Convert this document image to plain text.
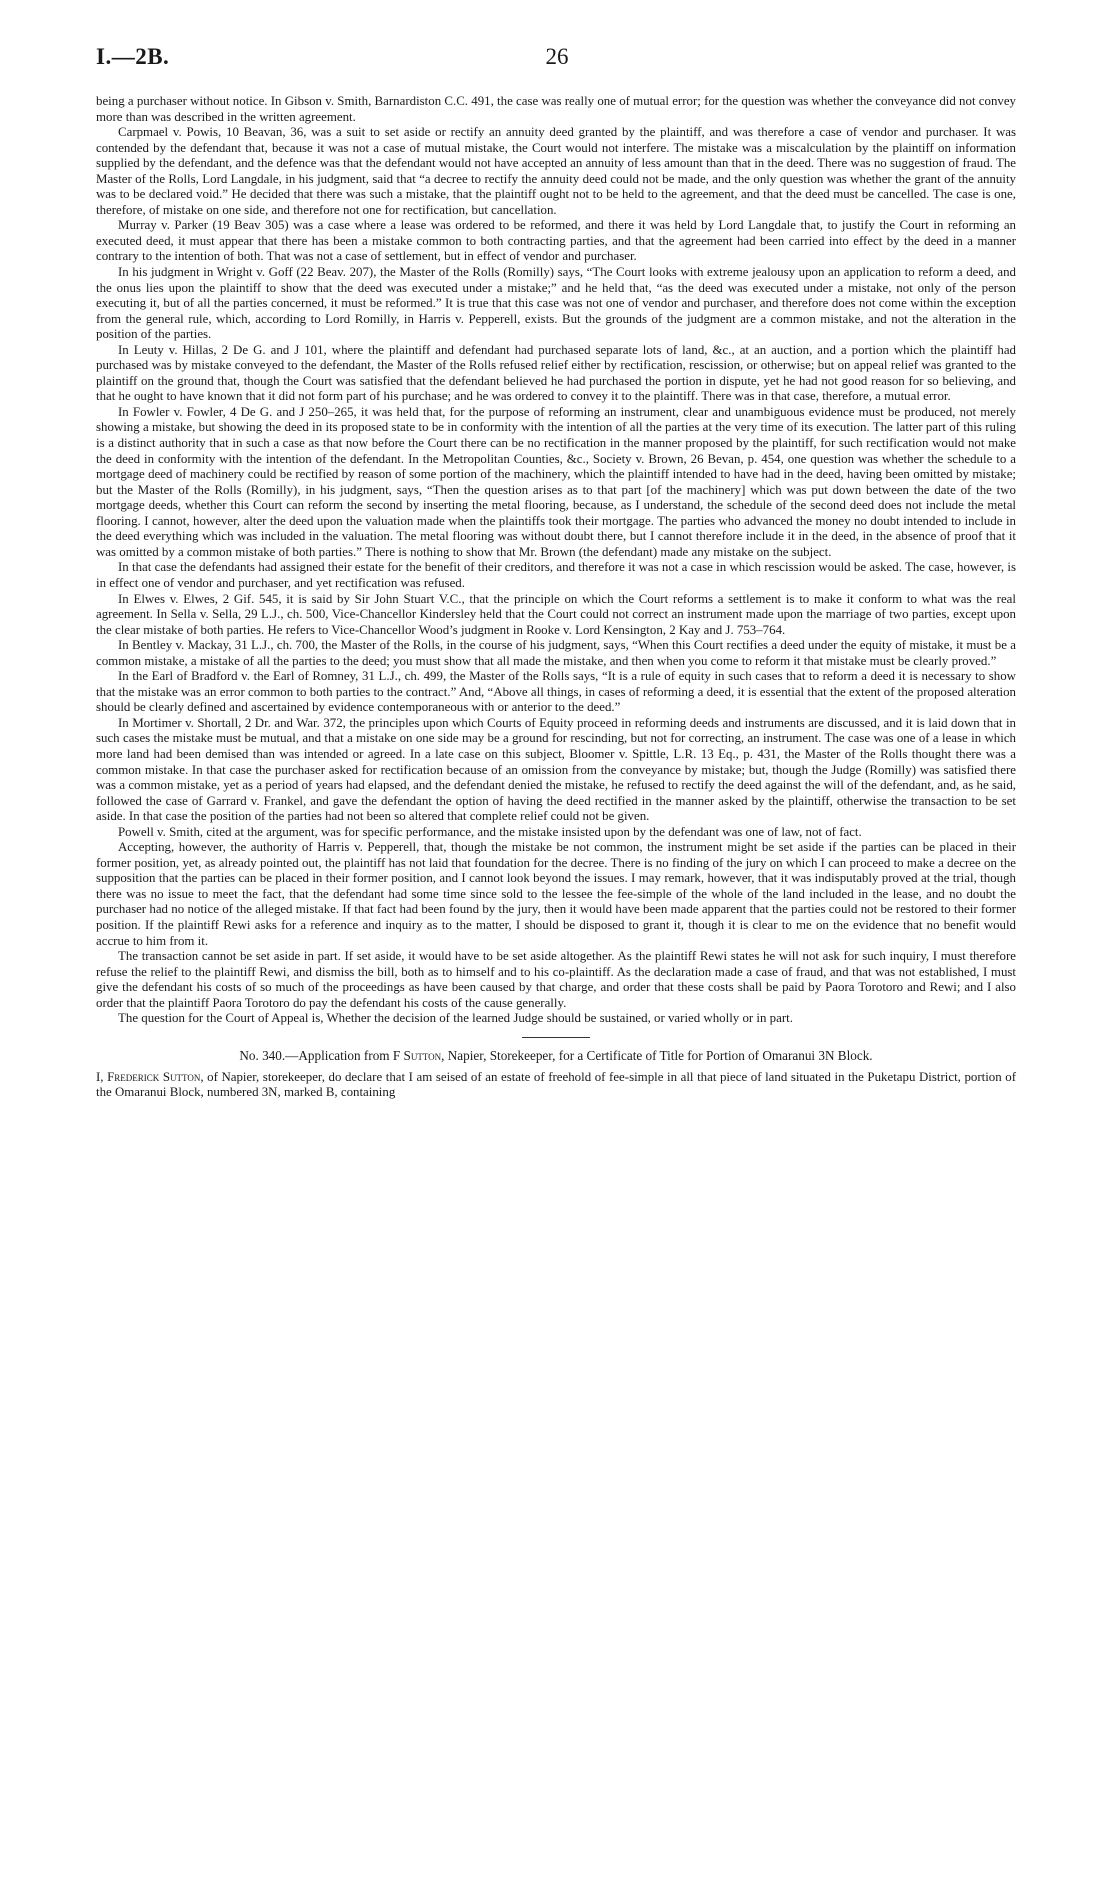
I.—2B.	26

being a purchaser without notice. In Gibson v. Smith, Barnardiston C.C. 491, the case was really one of mutual error; for the question was whether the conveyance did not convey more than was described in the written agreement.

Carpmael v. Powis, 10 Beavan, 36, was a suit to set aside or rectify an annuity deed granted by the plaintiff, and was therefore a case of vendor and purchaser. It was contended by the defendant that, because it was not a case of mutual mistake, the Court would not interfere. The mistake was a miscalculation by the plaintiff on information supplied by the defendant, and the defence was that the defendant would not have accepted an annuity of less amount than that in the deed. There was no suggestion of fraud. The Master of the Rolls, Lord Langdale, in his judgment, said that “a decree to rectify the annuity deed could not be made, and the only question was whether the grant of the annuity was to be declared void.” He decided that there was such a mistake, that the plaintiff ought not to be held to the agreement, and that the deed must be cancelled. The case is one, therefore, of mistake on one side, and therefore not one for rectification, but cancellation.

Murray v. Parker (19 Beav 305) was a case where a lease was ordered to be reformed, and there it was held by Lord Langdale that, to justify the Court in reforming an executed deed, it must appear that there has been a mistake common to both contracting parties, and that the agreement had been carried into effect by the deed in a manner contrary to the intention of both. That was not a case of settlement, but in effect of vendor and purchaser.

In his judgment in Wright v. Goff (22 Beav. 207), the Master of the Rolls (Romilly) says, “The Court looks with extreme jealousy upon an application to reform a deed, and the onus lies upon the plaintiff to show that the deed was executed under a mistake;” and he held that, “as the deed was executed under a mistake, not only of the person executing it, but of all the parties concerned, it must be reformed.” It is true that this case was not one of vendor and purchaser, and therefore does not come within the exception from the general rule, which, according to Lord Romilly, in Harris v. Pepperell, exists. But the grounds of the judgment are a common mistake, and not the alteration in the position of the parties.

In Leuty v. Hillas, 2 De G. and J 101, where the plaintiff and defendant had purchased separate lots of land, &c., at an auction, and a portion which the plaintiff had purchased was by mistake conveyed to the defendant, the Master of the Rolls refused relief either by rectification, rescission, or otherwise; but on appeal relief was granted to the plaintiff on the ground that, though the Court was satisfied that the defendant believed he had purchased the portion in dispute, yet he had not good reason for so believing, and that he ought to have known that it did not form part of his purchase; and he was ordered to convey it to the plaintiff. There was in that case, therefore, a mutual error.

In Fowler v. Fowler, 4 De G. and J 250–265, it was held that, for the purpose of reforming an instrument, clear and unambiguous evidence must be produced, not merely showing a mistake, but showing the deed in its proposed state to be in conformity with the intention of all the parties at the very time of its execution. The latter part of this ruling is a distinct authority that in such a case as that now before the Court there can be no rectification in the manner proposed by the plaintiff, for such rectification would not make the deed in conformity with the intention of the defendant. In the Metropolitan Counties, &c., Society v. Brown, 26 Bevan, p. 454, one question was whether the schedule to a mortgage deed of machinery could be rectified by reason of some portion of the machinery, which the plaintiff intended to have had in the deed, having been omitted by mistake; but the Master of the Rolls (Romilly), in his judgment, says, “Then the question arises as to that part [of the machinery] which was put down between the date of the two mortgage deeds, whether this Court can reform the second by inserting the metal flooring, because, as I understand, the schedule of the second deed does not include the metal flooring. I cannot, however, alter the deed upon the valuation made when the plaintiffs took their mortgage. The parties who advanced the money no doubt intended to include in the deed everything which was included in the valuation. The metal flooring was without doubt there, but I cannot therefore include it in the deed, in the absence of proof that it was omitted by a common mistake of both parties.” There is nothing to show that Mr. Brown (the defendant) made any mistake on the subject.

In that case the defendants had assigned their estate for the benefit of their creditors, and therefore it was not a case in which rescission would be asked. The case, however, is in effect one of vendor and purchaser, and yet rectification was refused.

In Elwes v. Elwes, 2 Gif. 545, it is said by Sir John Stuart V.C., that the principle on which the Court reforms a settlement is to make it conform to what was the real agreement. In Sella v. Sella, 29 L.J., ch. 500, Vice-Chancellor Kindersley held that the Court could not correct an instrument made upon the marriage of two parties, except upon the clear mistake of both parties. He refers to Vice-Chancellor Wood’s judgment in Rooke v. Lord Kensington, 2 Kay and J. 753–764.

In Bentley v. Mackay, 31 L.J., ch. 700, the Master of the Rolls, in the course of his judgment, says, “When this Court rectifies a deed under the equity of mistake, it must be a common mistake, a mistake of all the parties to the deed; you must show that all made the mistake, and then when you come to reform it that mistake must be clearly proved.”

In the Earl of Bradford v. the Earl of Romney, 31 L.J., ch. 499, the Master of the Rolls says, “It is a rule of equity in such cases that to reform a deed it is necessary to show that the mistake was an error common to both parties to the contract.” And, “Above all things, in cases of reforming a deed, it is essential that the extent of the proposed alteration should be clearly defined and ascertained by evidence contemporaneous with or anterior to the deed.”

In Mortimer v. Shortall, 2 Dr. and War. 372, the principles upon which Courts of Equity proceed in reforming deeds and instruments are discussed, and it is laid down that in such cases the mistake must be mutual, and that a mistake on one side may be a ground for rescinding, but not for correcting, an instrument. The case was one of a lease in which more land had been demised than was intended or agreed. In a late case on this subject, Bloomer v. Spittle, L.R. 13 Eq., p. 431, the Master of the Rolls thought there was a common mistake. In that case the purchaser asked for rectification because of an omission from the conveyance by mistake; but, though the Judge (Romilly) was satisfied there was a common mistake, yet as a period of years had elapsed, and the defendant denied the mistake, he refused to rectify the deed against the will of the defendant, and, as he said, followed the case of Garrard v. Frankel, and gave the defendant the option of having the deed rectified in the manner asked by the plaintiff, otherwise the transaction to be set aside. In that case the position of the parties had not been so altered that complete relief could not be given.

Powell v. Smith, cited at the argument, was for specific performance, and the mistake insisted upon by the defendant was one of law, not of fact.

Accepting, however, the authority of Harris v. Pepperell, that, though the mistake be not common, the instrument might be set aside if the parties can be placed in their former position, yet, as already pointed out, the plaintiff has not laid that foundation for the decree. There is no finding of the jury on which I can proceed to make a decree on the supposition that the parties can be placed in their former position, and I cannot look beyond the issues. I may remark, however, that it was indisputably proved at the trial, though there was no issue to meet the fact, that the defendant had some time since sold to the lessee the fee-simple of the whole of the land included in the lease, and no doubt the purchaser had no notice of the alleged mistake. If that fact had been found by the jury, then it would have been made apparent that the parties could not be restored to their former position. If the plaintiff Rewi asks for a reference and inquiry as to the matter, I should be disposed to grant it, though it is clear to me on the evidence that no benefit would accrue to him from it.

The transaction cannot be set aside in part. If set aside, it would have to be set aside altogether. As the plaintiff Rewi states he will not ask for such inquiry, I must therefore refuse the relief to the plaintiff Rewi, and dismiss the bill, both as to himself and to his co-plaintiff. As the declaration made a case of fraud, and that was not established, I must give the defendant his costs of so much of the proceedings as have been caused by that charge, and order that these costs shall be paid by Paora Torotoro and Rewi; and I also order that the plaintiff Paora Torotoro do pay the defendant his costs of the cause generally.

The question for the Court of Appeal is, Whether the decision of the learned Judge should be sustained, or varied wholly or in part.

No. 340.—Application from F Sutton, Napier, Storekeeper, for a Certificate of Title for Portion of Omaranui 3N Block.

I, Frederick Sutton, of Napier, storekeeper, do declare that I am seised of an estate of freehold of fee-simple in all that piece of land situated in the Puketapu District, portion of the Omaranui Block, numbered 3N, marked B, containing
